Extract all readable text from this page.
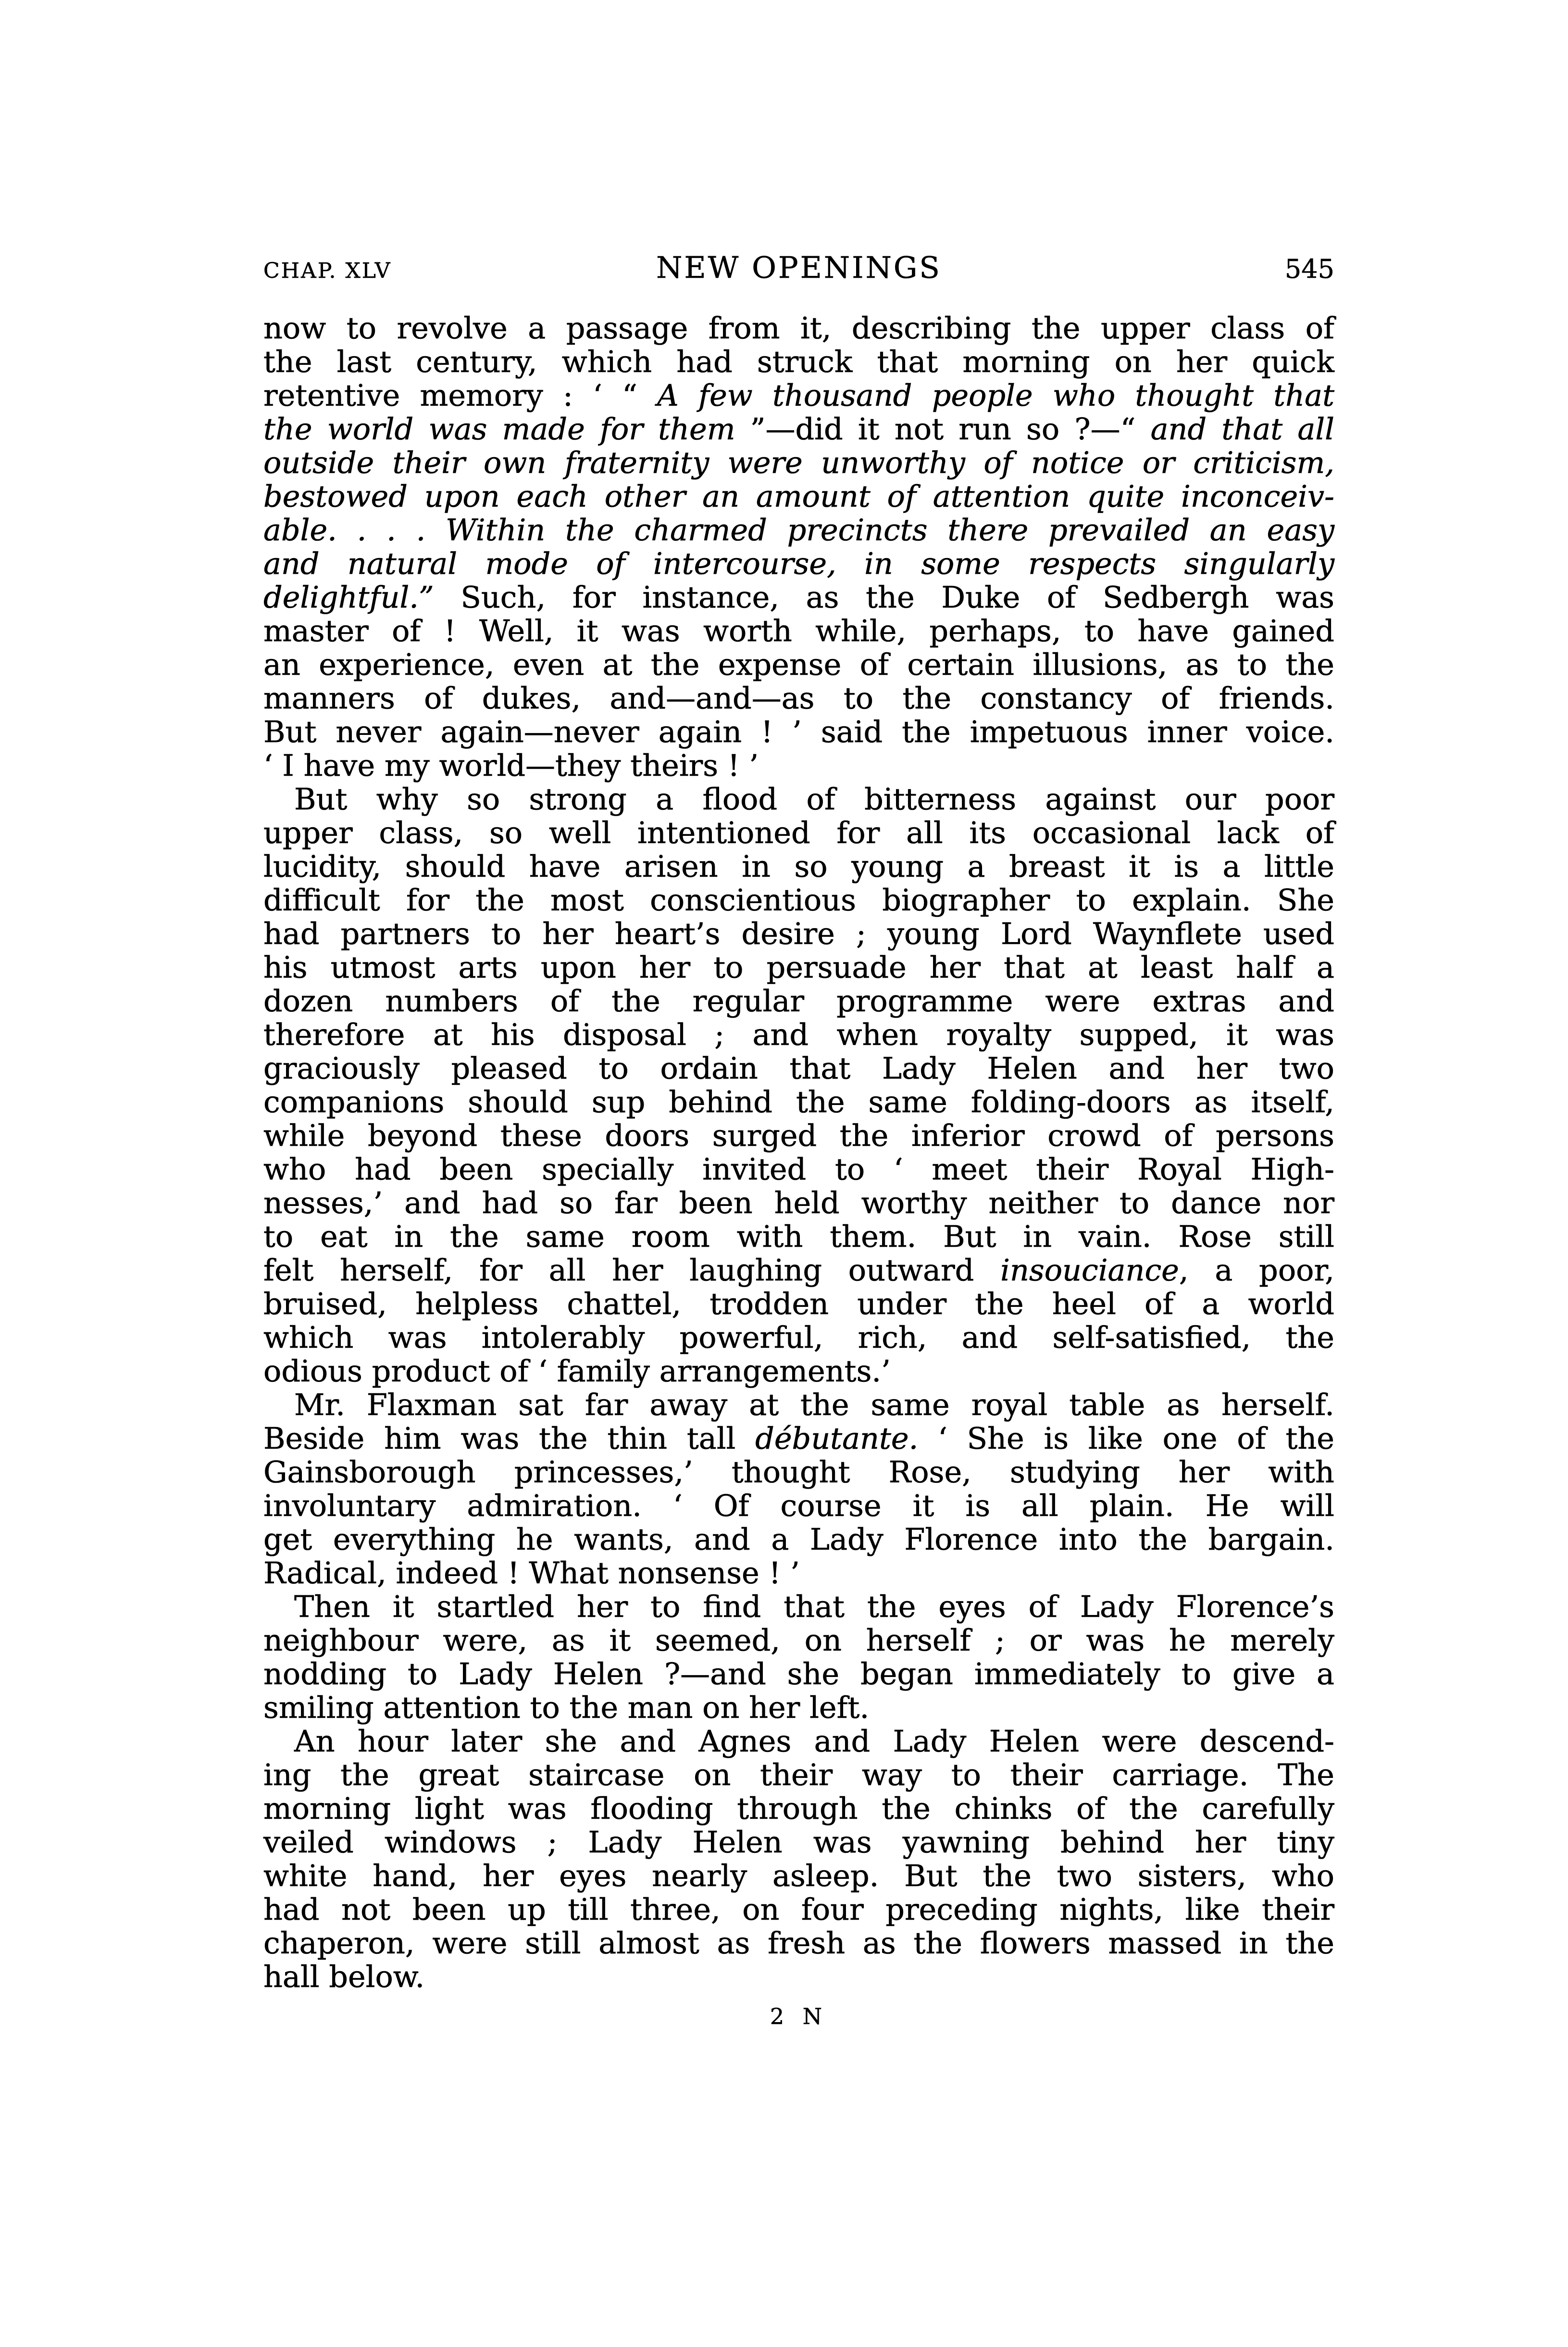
CHAP. XLV	NEW OPENINGS	545

now to revolve a passage from it, describing the upper class of
the last century, which had struck that morning on her quick
retentive memory : ‘ “ A few thousand people who thought that
the world was made for them ”—did it not run so ?—“ and that all
outside their own fraternity were unworthy of notice or criticism,
bestowed upon each other an amount of attention quite inconceiv-
able. . . . Within the charmed precincts there prevailed an easy
and natural mode of intercourse, in some respects singularly
delightful.” Such, for instance, as the Duke of Sedbergh was
master of ! Well, it was worth while, perhaps, to have gained
an experience, even at the expense of certain illusions, as to the
manners of dukes, and—and—as to the constancy of friends.
But never again—never again ! ’ said the impetuous inner voice.
‘ I have my world—they theirs ! ’

But why so strong a flood of bitterness against our poor
upper class, so well intentioned for all its occasional lack of
lucidity, should have arisen in so young a breast it is a little
difficult for the most conscientious biographer to explain. She
had partners to her heart’s desire ; young Lord Waynflete used
his utmost arts upon her to persuade her that at least half a
dozen numbers of the regular programme were extras and
therefore at his disposal ; and when royalty supped, it was
graciously pleased to ordain that Lady Helen and her two
companions should sup behind the same folding-doors as itself,
while beyond these doors surged the inferior crowd of persons
who had been specially invited to ‘ meet their Royal High-
nesses,’ and had so far been held worthy neither to dance nor
to eat in the same room with them. But in vain. Rose still
felt herself, for all her laughing outward insouciance, a poor,
bruised, helpless chattel, trodden under the heel of a world
which was intolerably powerful, rich, and self-satisfied, the
odious product of ‘ family arrangements.’

Mr. Flaxman sat far away at the same royal table as herself.
Beside him was the thin tall débutante. ‘ She is like one of the
Gainsborough princesses,’ thought Rose, studying her with
involuntary admiration. ‘ Of course it is all plain. He will
get everything he wants, and a Lady Florence into the bargain.
Radical, indeed ! What nonsense ! ’

Then it startled her to find that the eyes of Lady Florence’s
neighbour were, as it seemed, on herself ; or was he merely
nodding to Lady Helen ?—and she began immediately to give a
smiling attention to the man on her left.

An hour later she and Agnes and Lady Helen were descend-
ing the great staircase on their way to their carriage. The
morning light was flooding through the chinks of the carefully
veiled windows ; Lady Helen was yawning behind her tiny
white hand, her eyes nearly asleep. But the two sisters, who
had not been up till three, on four preceding nights, like their
chaperon, were still almost as fresh as the flowers massed in the
hall below.

2 N
